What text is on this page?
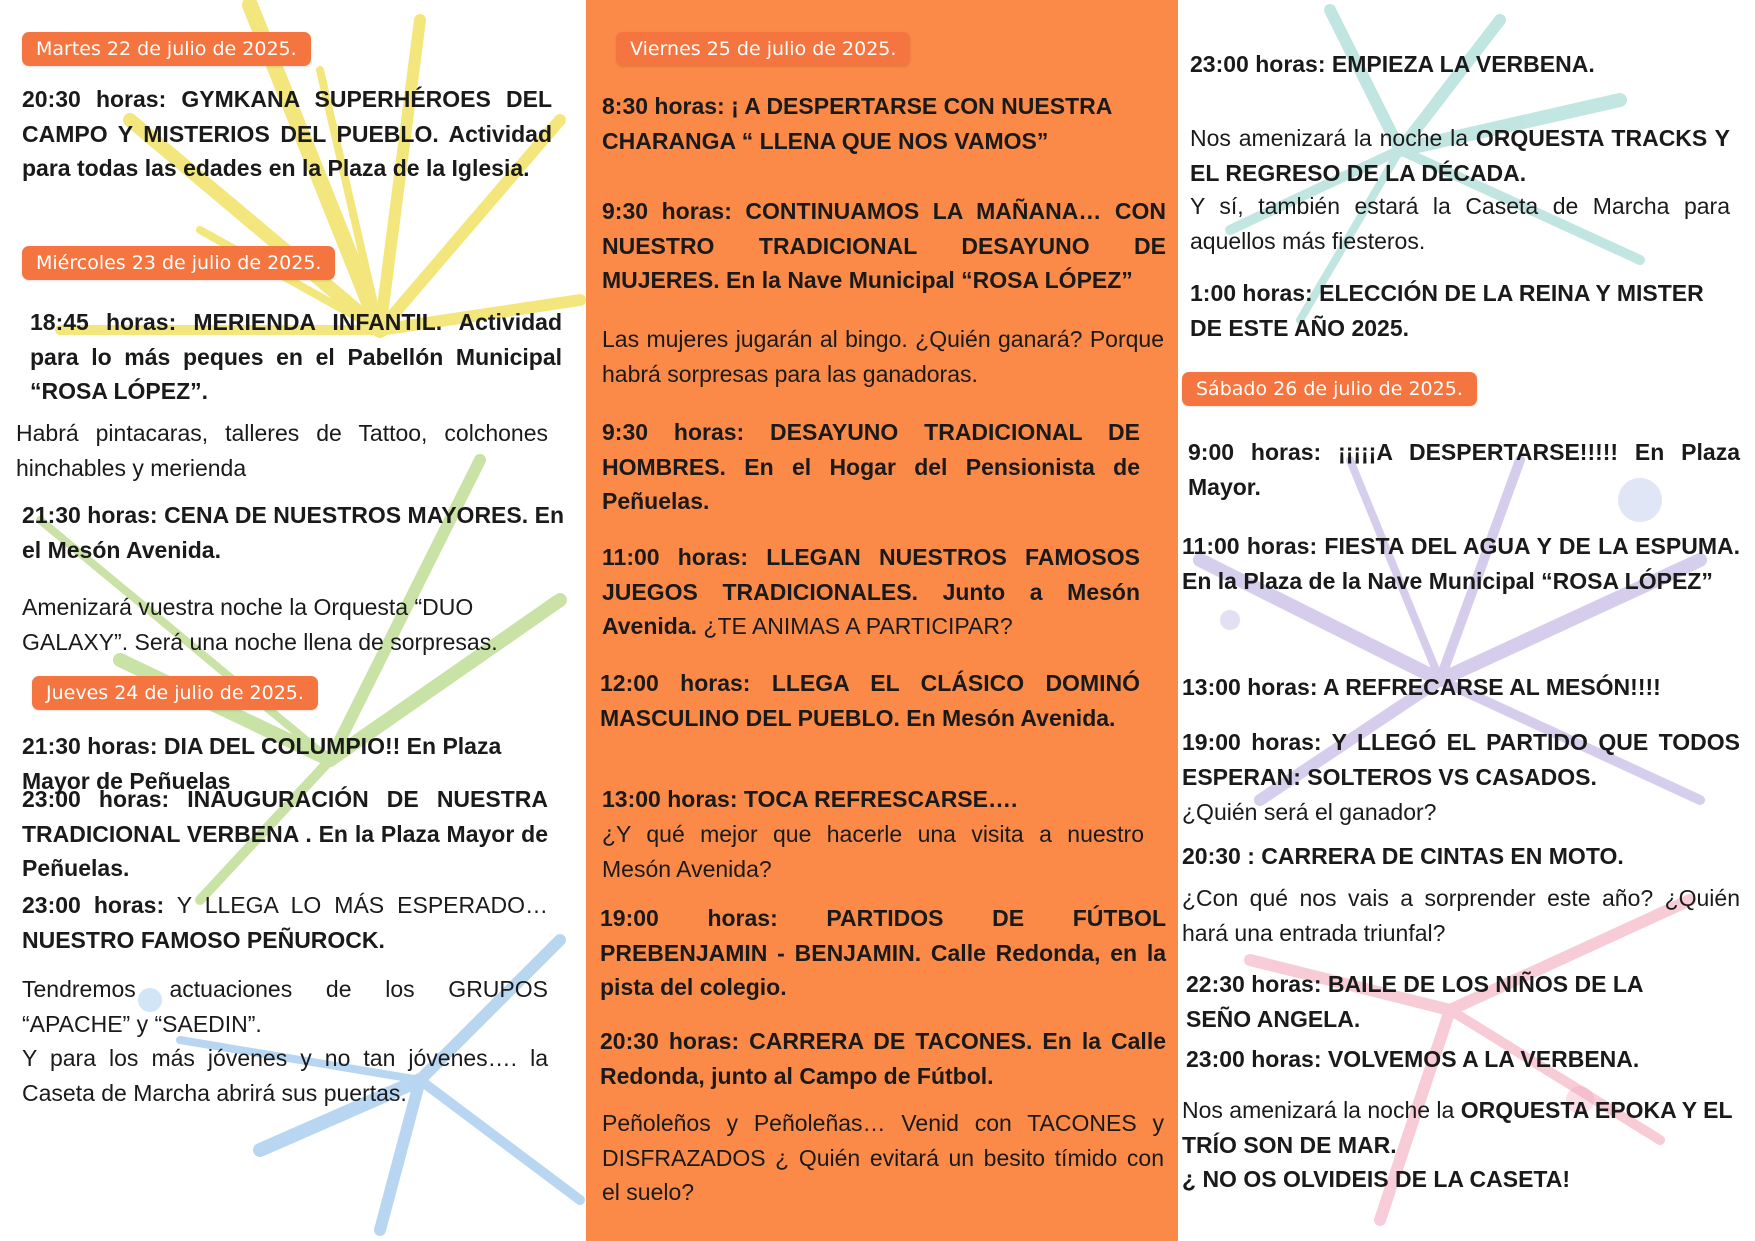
Martes 22 de julio de 2025.
20:30 horas: GYMKANA SUPERHÉROES DEL CAMPO Y MISTERIOS DEL PUEBLO. Actividad para todas las edades en la Plaza de la Iglesia.
Miércoles 23 de julio de 2025.
18:45 horas: MERIENDA INFANTIL. Actividad para lo más peques en el Pabellón Municipal “ROSA LÓPEZ”.
Habrá pintacaras, talleres de Tattoo, colchones hinchables y merienda
21:30 horas: CENA DE NUESTROS MAYORES. En el Mesón Avenida.
Amenizará vuestra noche la Orquesta “DUO GALAXY”. Será una noche llena de sorpresas.
Jueves 24 de julio de 2025.
21:30 horas: DIA DEL COLUMPIO!! En Plaza Mayor de Peñuelas
23:00 horas: INAUGURACIÓN DE NUESTRA TRADICIONAL VERBENA . En la Plaza Mayor de Peñuelas.
23:00 horas: Y LLEGA LO MÁS ESPERADO… NUESTRO FAMOSO PEÑUROCK.
Tendremos actuaciones de los GRUPOS “APACHE” y “SAEDIN”.
Y para los más jóvenes y no tan jóvenes…. la Caseta de Marcha abrirá sus puertas.
Viernes 25 de julio de 2025.
8:30 horas: ¡ A DESPERTARSE CON NUESTRA CHARANGA “ LLENA QUE NOS VAMOS”
9:30 horas: CONTINUAMOS LA MAÑANA… CON NUESTRO TRADICIONAL DESAYUNO DE MUJERES. En la Nave Municipal “ROSA LÓPEZ”
Las mujeres jugarán al bingo. ¿Quién ganará? Porque habrá sorpresas para las ganadoras.
9:30 horas: DESAYUNO TRADICIONAL DE HOMBRES. En el Hogar del Pensionista de Peñuelas.
11:00 horas: LLEGAN NUESTROS FAMOSOS JUEGOS TRADICIONALES. Junto a Mesón Avenida. ¿TE ANIMAS A PARTICIPAR?
12:00 horas: LLEGA EL CLÁSICO DOMINÓ MASCULINO DEL PUEBLO. En Mesón Avenida.
13:00 horas: TOCA REFRESCARSE….
¿Y qué mejor que hacerle una visita a nuestro Mesón Avenida?
19:00 horas: PARTIDOS DE FÚTBOL PREBENJAMIN - BENJAMIN. Calle Redonda, en la pista del colegio.
20:30 horas: CARRERA DE TACONES. En la Calle Redonda, junto al Campo de Fútbol.
Peñoleños y Peñoleñas… Venid con TACONES y DISFRAZADOS ¿ Quién evitará un besito tímido con el suelo?
23:00 horas: EMPIEZA LA VERBENA.
Nos amenizará la noche la ORQUESTA TRACKS Y EL REGRESO DE LA DÉCADA.
Y sí, también estará la Caseta de Marcha para aquellos más fiesteros.
1:00 horas: ELECCIÓN DE LA REINA Y MISTER DE ESTE AÑO 2025.
Sábado 26 de julio de 2025.
9:00 horas: ¡¡¡¡¡A DESPERTARSE!!!!! En Plaza Mayor.
11:00 horas: FIESTA DEL AGUA Y DE LA ESPUMA. En la Plaza de la Nave Municipal “ROSA LÓPEZ”
13:00 horas: A REFRECARSE AL MESÓN!!!!
19:00 horas: Y LLEGÓ EL PARTIDO QUE TODOS ESPERAN: SOLTEROS VS CASADOS.
¿Quién será el ganador?
20:30 : CARRERA DE CINTAS EN MOTO.
¿Con qué nos vais a sorprender este año? ¿Quién hará una entrada triunfal?
22:30 horas: BAILE DE LOS NIÑOS DE LA SEÑO ANGELA.
23:00 horas: VOLVEMOS A LA VERBENA.
Nos amenizará la noche la ORQUESTA EPOKA Y EL TRÍO SON DE MAR.
¿ NO OS OLVIDEIS DE LA CASETA!
